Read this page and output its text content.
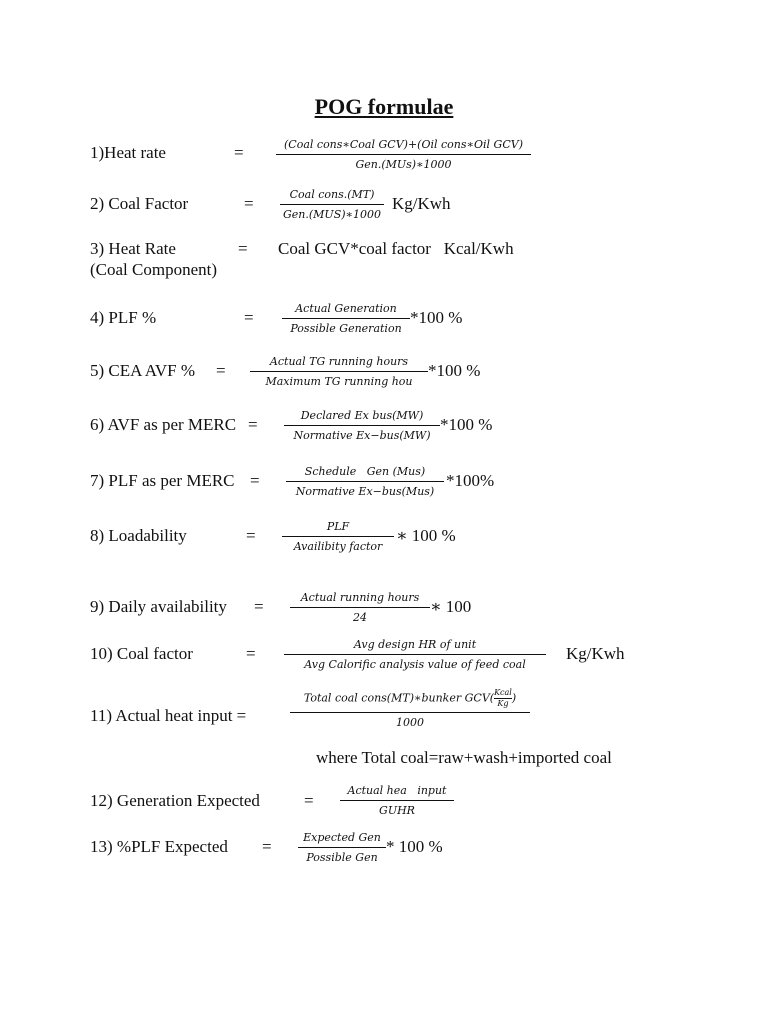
POG formulae
1)Heat rate	=	(Coal cons∗Coal GCV)+(Oil cons∗Oil GCV)
Gen.(MUs)∗1000
2) Coal Factor	=	Coal cons.(MT)
Gen.(MUS)∗1000
Kg/Kwh
3) Heat Rate
(Coal Component)
= Coal GCV*coal factor   Kcal/Kwh
4) PLF %	=	Actual Generation
Possible Generation
*100 %
5) CEA AVF % =	Actual TG running hours
Maximum TG running hou
*100 %
6) AVF as per MERC =	Declared Ex bus(MW)
Normative Ex−bus(MW)
*100 %
7) PLF as per MERC =	Schedule   Gen (Mus)
Normative Ex−bus(Mus)
*100%
8) Loadability	=	PLF
Availibity factor
∗ 100 %
9) Daily availability =	Actual running hours
24
∗ 100
10) Coal factor	=	Avg design HR of unit
Avg Calorific analysis value of feed coal
Kg/Kwh
11) Actual heat input =
Total coal cons(MT)∗bunker GCV( Kcal
Kg )
1000
where Total coal=raw+wash+imported coal
12) Generation Expected	=
Actual hea   input
GUHR
13) %PLF Expected =	Expected Gen
Possible Gen
* 100 %
